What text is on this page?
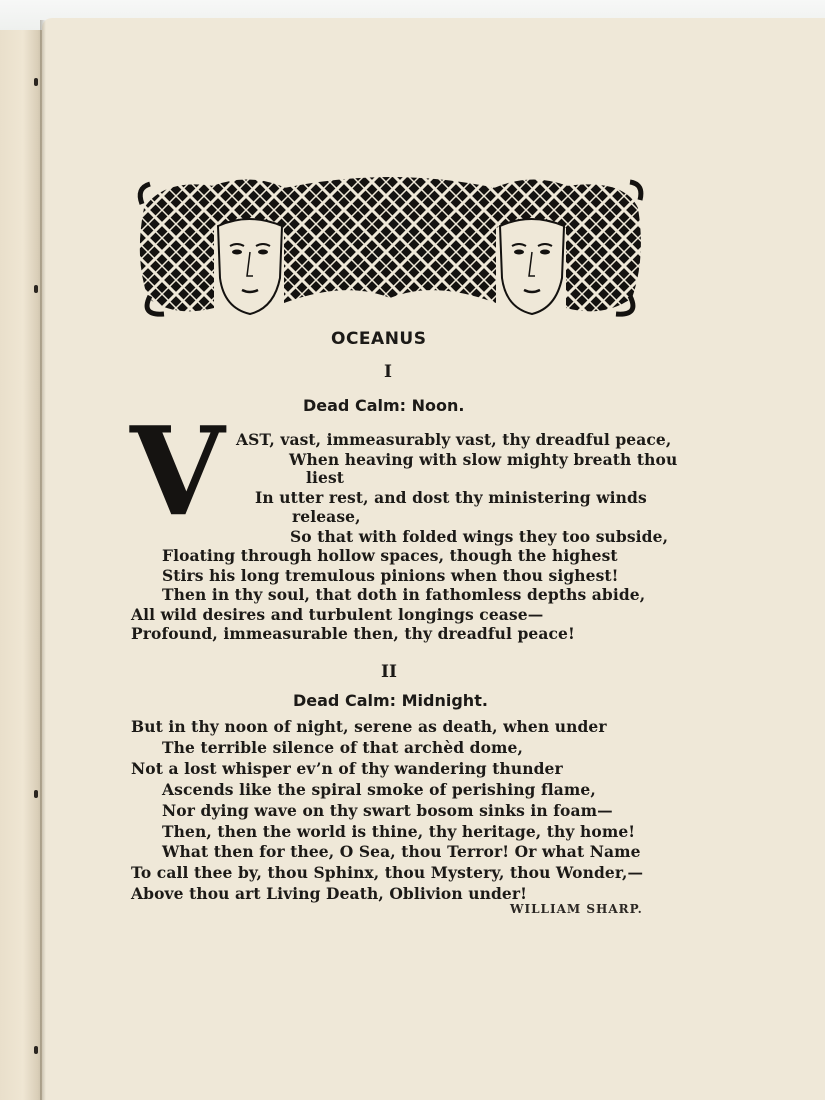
OCEANUS
I
Dead Calm: Noon.
V AST, vast, immeasurably vast, thy dreadful peace,
When heaving with slow mighty breath thou
liest
In utter rest, and dost thy ministering winds
release,
So that with folded wings they too subside,
Floating through hollow spaces, though the highest
Stirs his long tremulous pinions when thou sighest!
Then in thy soul, that doth in fathomless depths abide,
All wild desires and turbulent longings cease—
Profound, immeasurable then, thy dreadful peace!
II
Dead Calm: Midnight.
But in thy noon of night, serene as death, when under
The terrible silence of that archèd dome,
Not a lost whisper ev’n of thy wandering thunder
Ascends like the spiral smoke of perishing flame,
Nor dying wave on thy swart bosom sinks in foam—
Then, then the world is thine, thy heritage, thy home!
What then for thee, O Sea, thou Terror! Or what Name
To call thee by, thou Sphinx, thou Mystery, thou Wonder,—
Above thou art Living Death, Oblivion under!
WILLIAM SHARP.
